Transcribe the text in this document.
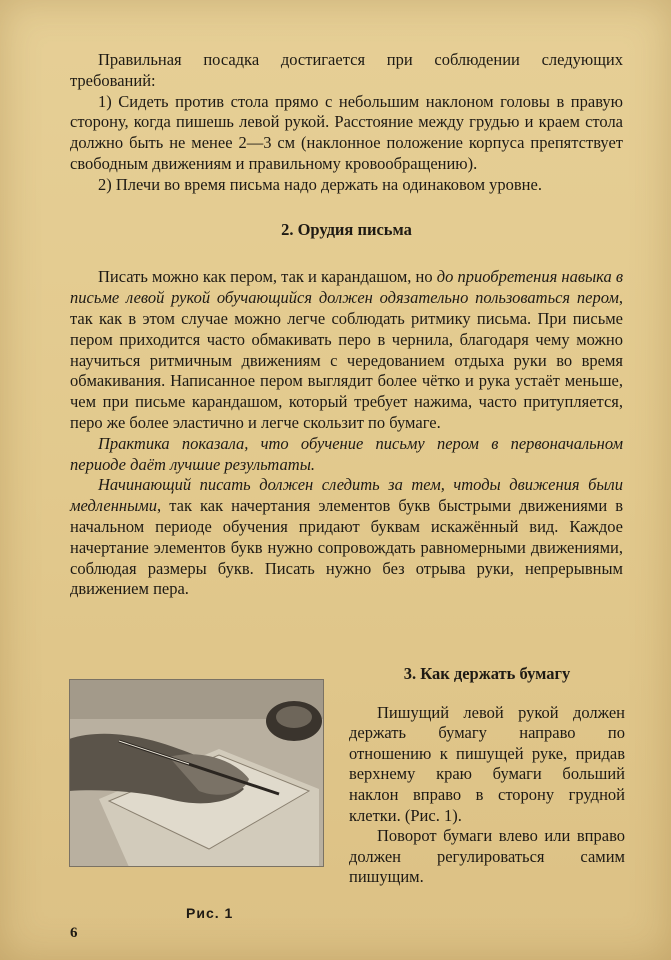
Правильная посадка достигается при соблюдении следующих требований:

1) Сидеть против стола прямо с небольшим наклоном головы в правую сторону, когда пишешь левой рукой. Расстояние между грудью и краем стола должно быть не менее 2—3 см (наклонное положение корпуса препятствует свободным движениям и правильному кровообращению).

2) Плечи во время письма надо держать на одинаковом уровне.

2. Орудия письма

Писать можно как пером, так и карандашом, но до приобретения навыка в письме левой рукой обучающийся должен одязательно пользоваться пером, так как в этом случае можно легче соблюдать ритмику письма. При письме пером приходится часто обмакивать перо в чернила, благодаря чему можно научиться ритмичным движениям с чередованием отдыха руки во время обмакивания. Написанное пером выглядит более чётко и рука устаёт меньше, чем при письме карандашом, который требует нажима, часто притупляется, перо же более эластично и легче скользит по бумаге.

Практика показала, что обучение письму пером в первоначальном периоде даёт лучшие результаты.

Начинающий писать должен следить за тем, чтоды движения были медленными, так как начертания элементов букв быстрыми движениями в начальном периоде обучения придают буквам искажённый вид. Каждое начертание элементов букв нужно сопровождать равномерными движениями, соблюдая размеры букв. Писать нужно без отрыва руки, непрерывным движением пера.

Рис. 1
3. Как держать бумагу

Пишущий левой рукой должен держать бумагу направо по отношению к пишущей руке, придав верхнему краю бумаги больший наклон вправо в сторону грудной клетки. (Рис. 1).

Поворот бумаги влево или вправо должен регулироваться самим пишущим.

6
